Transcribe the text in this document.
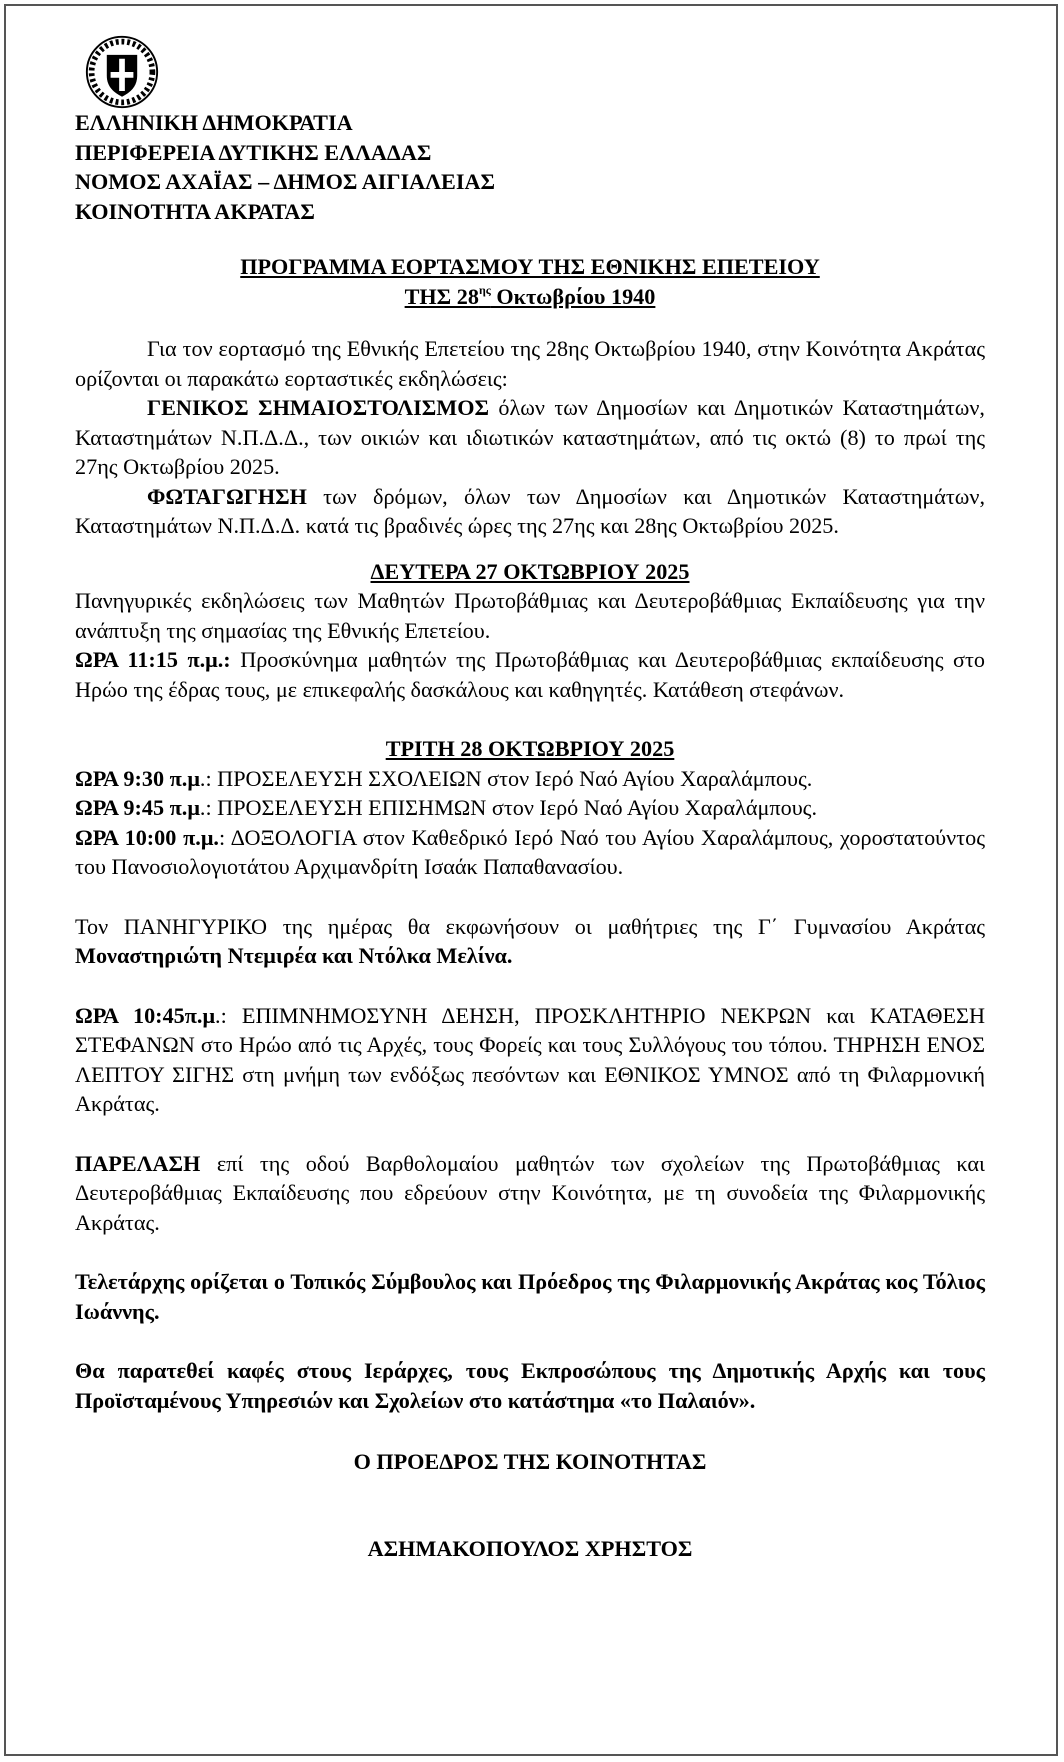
ΕΛΛΗΝΙΚΗ ΔΗΜΟΚΡΑΤΙΑ

ΠΕΡΙΦΕΡΕΙΑ ΔΥΤΙΚΗΣ ΕΛΛΑΔΑΣ

ΝΟΜΟΣ ΑΧΑΪΑΣ – ΔΗΜΟΣ ΑΙΓΙΑΛΕΙΑΣ

ΚΟΙΝΟΤΗΤΑ ΑΚΡΑΤΑΣ

ΠΡΟΓΡΑΜΜΑ ΕΟΡΤΑΣΜΟΥ ΤΗΣ ΕΘΝΙΚΗΣ ΕΠΕΤΕΙΟΥ
ΤΗΣ $28^{\eta\varsigma}$ Οκτωβρίου 1940

Για τον εορτασμό της Εθνικής Επετείου της 28ης Οκτωβρίου 1940, στην Κοινότητα Ακράτας ορίζονται οι παρακάτω εορταστικές εκδηλώσεις:

ΓΕΝΙΚΟΣ ΣΗΜΑΙΟΣΤΟΛΙΣΜΟΣ όλων των Δημοσίων και Δημοτικών Καταστημάτων, Καταστημάτων Ν.Π.Δ.Δ., των οικιών και ιδιωτικών καταστημάτων, από τις οκτώ (8) το πρωί της 27ης Οκτωβρίου 2025.

ΦΩΤΑΓΩΓΗΣΗ των δρόμων, όλων των Δημοσίων και Δημοτικών Καταστημάτων, Καταστημάτων Ν.Π.Δ.Δ. κατά τις βραδινές ώρες της 27ης και 28ης Οκτωβρίου 2025.

ΔΕΥΤΕΡΑ 27 ΟΚΤΩΒΡΙΟΥ 2025

Πανηγυρικές εκδηλώσεις των Μαθητών Πρωτοβάθμιας και Δευτεροβάθμιας Εκπαίδευσης για την ανάπτυξη της σημασίας της Εθνικής Επετείου.

ΩΡΑ 11:15 π.μ.: Προσκύνημα μαθητών της Πρωτοβάθμιας και Δευτεροβάθμιας εκπαίδευσης στο Ηρώο της έδρας τους, με επικεφαλής δασκάλους και καθηγητές. Κατάθεση στεφάνων.

ΤΡΙΤΗ 28 ΟΚΤΩΒΡΙΟΥ 2025

ΩΡΑ 9:30 π.μ.: ΠΡΟΣΕΛΕΥΣΗ ΣΧΟΛΕΙΩΝ στον Ιερό Ναό Αγίου Χαραλάμπους.

ΩΡΑ 9:45 π.μ.: ΠΡΟΣΕΛΕΥΣΗ ΕΠΙΣΗΜΩΝ στον Ιερό Ναό Αγίου Χαραλάμπους.

ΩΡΑ 10:00 π.μ.: ΔΟΞΟΛΟΓΙΑ στον Καθεδρικό Ιερό Ναό του Αγίου Χαραλάμπους, χοροστατούντος του Πανοσιολογιοτάτου Αρχιμανδρίτη Ισαάκ Παπαθανασίου.

Τον ΠΑΝΗΓΥΡΙΚΟ της ημέρας θα εκφωνήσουν οι μαθήτριες της Γ΄ Γυμνασίου Ακράτας Μοναστηριώτη Ντεμιρέα και Ντόλκα Μελίνα.

ΩΡΑ 10:45π.μ.: ΕΠΙΜΝΗΜΟΣΥΝΗ ΔΕΗΣΗ, ΠΡΟΣΚΛΗΤΗΡΙΟ ΝΕΚΡΩΝ και ΚΑΤΑΘΕΣΗ ΣΤΕΦΑΝΩΝ στο Ηρώο από τις Αρχές, τους Φορείς και τους Συλλόγους του τόπου. ΤΗΡΗΣΗ ΕΝΟΣ ΛΕΠΤΟΥ ΣΙΓΗΣ στη μνήμη των ενδόξως πεσόντων και ΕΘΝΙΚΟΣ ΥΜΝΟΣ από τη Φιλαρμονική Ακράτας.

ΠΑΡΕΛΑΣΗ επί της οδού Βαρθολομαίου μαθητών των σχολείων της Πρωτοβάθμιας και Δευτεροβάθμιας Εκπαίδευσης που εδρεύουν στην Κοινότητα, με τη συνοδεία της Φιλαρμονικής Ακράτας.

Τελετάρχης ορίζεται ο Τοπικός Σύμβουλος και Πρόεδρος της Φιλαρμονικής Ακράτας κος Τόλιος Ιωάννης.

Θα παρατεθεί καφές στους Ιεράρχες, τους Εκπροσώπους της Δημοτικής Αρχής και τους Προϊσταμένους Υπηρεσιών και Σχολείων στο κατάστημα «το Παλαιόν».

Ο ΠΡΟΕΔΡΟΣ ΤΗΣ ΚΟΙΝΟΤΗΤΑΣ

ΑΣΗΜΑΚΟΠΟΥΛΟΣ ΧΡΗΣΤΟΣ
